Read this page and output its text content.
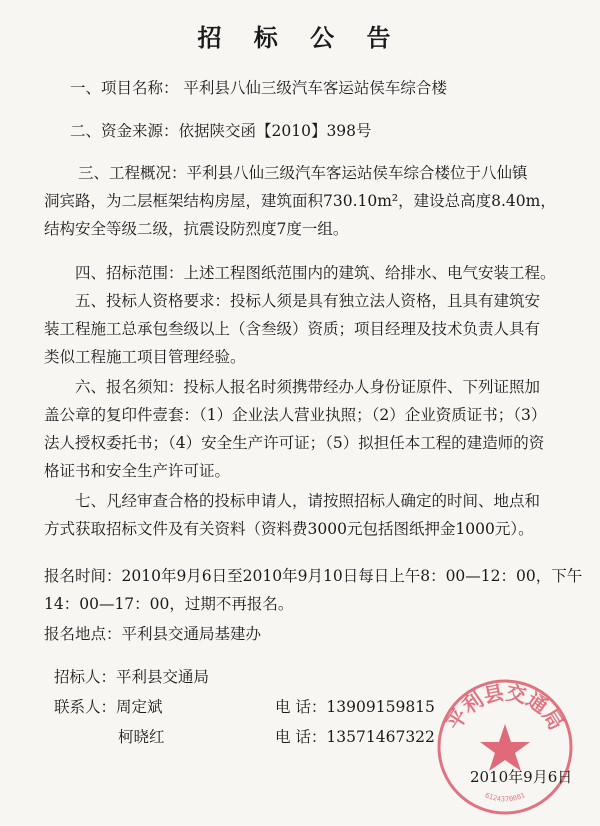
招 标 公 告
一、项目名称： 平利县八仙三级汽车客运站侯车综合楼
二、资金来源：依据陕交函【2010】398号
三、工程概况：平利县八仙三级汽车客运站侯车综合楼位于八仙镇
洞宾路，为二层框架结构房屋，建筑面积730.10m²，建设总高度8.40m，
结构安全等级二级，抗震设防烈度7度一组。
四、招标范围：上述工程图纸范围内的建筑、给排水、电气安装工程。
五、投标人资格要求：投标人须是具有独立法人资格，且具有建筑安
装工程施工总承包叁级以上（含叁级）资质；项目经理及技术负责人具有
类似工程施工项目管理经验。
六、报名须知：投标人报名时须携带经办人身份证原件、下列证照加
盖公章的复印件壹套：（1）企业法人营业执照；（2）企业资质证书；（3）
法人授权委托书；（4）安全生产许可证；（5）拟担任本工程的建造师的资
格证书和安全生产许可证。
七、凡经审查合格的投标申请人，请按照招标人确定的时间、地点和
方式获取招标文件及有关资料（资料费3000元包括图纸押金1000元）。
报名时间：2010年9月6日至2010年9月10日每日上午8：00—12：00，下午
14：00—17：00，过期不再报名。
报名地点：平利县交通局基建办
招标人：平利县交通局
联系人：周定斌	电 话：13909159815
柯晓红	电 话：13571467322
平利县交通局
6124370001
2010年9月6日
